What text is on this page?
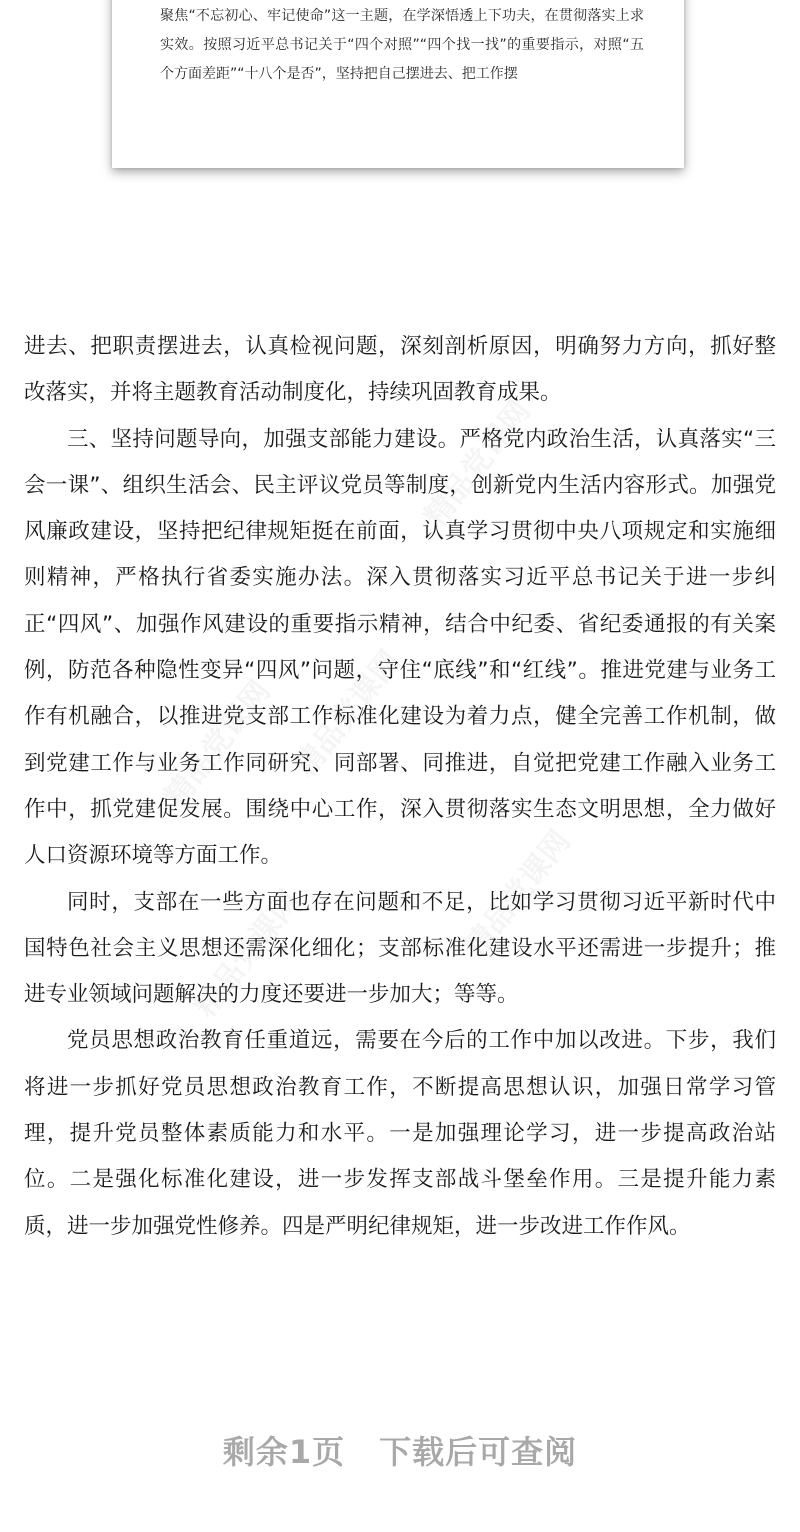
聚焦“不忘初心、牢记使命”这一主题，在学深悟透上下功夫，在贯彻落实上求实效。按照习近平总书记关于“四个对照”“四个找一找”的重要指示，对照“五个方面差距”“十八个是否”，坚持把自己摆进去、把工作摆

进去、把职责摆进去，认真检视问题，深刻剖析原因，明确努力方向，抓好整改落实，并将主题教育活动制度化，持续巩固教育成果。

三、坚持问题导向，加强支部能力建设。严格党内政治生活，认真落实“三会一课”、组织生活会、民主评议党员等制度，创新党内生活内容形式。加强党风廉政建设，坚持把纪律规矩挺在前面，认真学习贯彻中央八项规定和实施细则精神，严格执行省委实施办法。深入贯彻落实习近平总书记关于进一步纠正“四风”、加强作风建设的重要指示精神，结合中纪委、省纪委通报的有关案例，防范各种隐性变异“四风”问题，守住“底线”和“红线”。推进党建与业务工作有机融合，以推进党支部工作标准化建设为着力点，健全完善工作机制，做到党建工作与业务工作同研究、同部署、同推进，自觉把党建工作融入业务工作中，抓党建促发展。围绕中心工作，深入贯彻落实生态文明思想，全力做好人口资源环境等方面工作。

同时，支部在一些方面也存在问题和不足，比如学习贯彻习近平新时代中国特色社会主义思想还需深化细化；支部标准化建设水平还需进一步提升；推进专业领域问题解决的力度还要进一步加大；等等。

党员思想政治教育任重道远，需要在今后的工作中加以改进。下步，我们将进一步抓好党员思想政治教育工作，不断提高思想认识，加强日常学习管理，提升党员整体素质能力和水平。一是加强理论学习，进一步提高政治站位。二是强化标准化建设，进一步发挥支部战斗堡垒作用。三是提升能力素质，进一步加强党性修养。四是严明纪律规矩，进一步改进工作作风。

剩余1页 下载后可查阅
